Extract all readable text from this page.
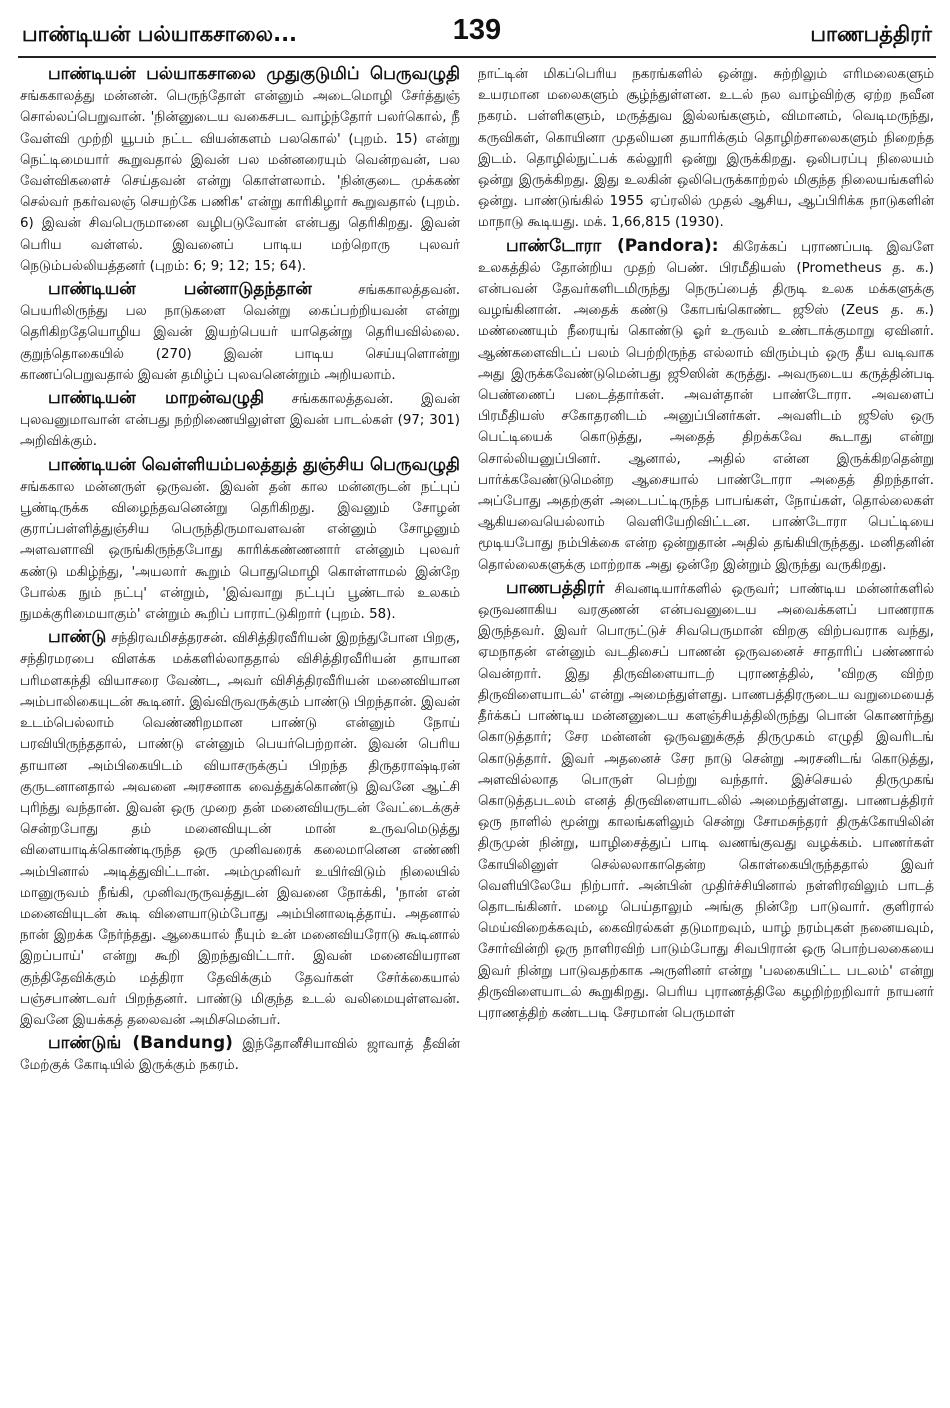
பாண்டியன் பல்யாகசாலை...	139	பாணபத்திரர்

பாண்டியன் பல்யாகசாலை முதுகுடுமிப் பெருவழுதி சங்ககாலத்து மன்னன். பெருந்தோள் என்னும் அடைமொழி சேர்த்துஞ் சொல்லப்பெறுவான். 'நின்னுடைய வகைசபட வாழ்ந்தோர் பலர்கொல், நீ வேள்வி முற்றி யூபம் நட்ட வியன்களம் பலகொல்' (புறம். 15) என்று நெட்டிமையார் கூறுவதால் இவன் பல மன்னரையும் வென்றவன், பல வேள்விகளைச் செய்தவன் என்று கொள்ளலாம். 'நின்குடை முக்கண் செல்வர் நகர்வலஞ் செயற்கே பணிக' என்று காரிகிழார் கூறுவதால் (புறம். 6) இவன் சிவபெருமானை வழிபடுவோன் என்பது தெரிகிறது. இவன் பெரிய வள்ளல். இவனைப் பாடிய மற்றொரு புலவர் நெடும்பல்லியத்தனர் (புறம்: 6; 9; 12; 15; 64).

பாண்டியன் பன்னாடுதந்தான்	சங்ககாலத்தவன். பெயரிலிருந்து பல நாடுகளை வென்று கைப்பற்றியவன் என்று தெரிகிறதேயொழிய இவன் இயற்பெயர் யாதென்று தெரியவில்லை. குறுந்தொகையில் (270) இவன் பாடிய செய்யுளொன்று காணப்பெறுவதால் இவன் தமிழ்ப் புலவனென்றும் அறியலாம்.

பாண்டியன் மாறன்வழுதி சங்ககாலத்தவன். இவன் புலவனுமாவான் என்பது நற்றிணையிலுள்ள இவன் பாடல்கள் (97; 301) அறிவிக்கும்.

பாண்டியன் வெள்ளியம்பலத்துத் துஞ்சிய பெருவழுதி சங்ககால மன்னருள் ஒருவன். இவன் தன் கால மன்னருடன் நட்புப் பூண்டிருக்க விழைந்தவனென்று தெரிகிறது. இவனும் சோழன் குராப்பள்ளித்துஞ்சிய பெருந்திருமாவளவன் என்னும் சோழனும் அளவளாவி ஒருங்கிருந்தபோது காரிக்கண்ணனார் என்னும் புலவர் கண்டு மகிழ்ந்து, 'அயலார் கூறும் பொதுமொழி கொள்ளாமல் இன்றே போல்க நும் நட்பு' என்றும், 'இவ்வாறு நட்புப் பூண்டால் உலகம் நுமக்குரிமையாகும்' என்றும் கூறிப் பாராட்டுகிறார் (புறம். 58).

பாண்டு சந்திரவமிசத்தரசன். விசித்திரவீரியன் இறந்துபோன பிறகு, சந்திரமரபை விளக்க மக்களில்லாததால் விசித்திரவீரியன் தாயான பரிமளகந்தி வியாசரை வேண்ட, அவர் விசித்திரவீரியன் மனைவியான அம்பாலிகையுடன் கூடினர். இவ்விருவருக்கும் பாண்டு பிறந்தான். இவன் உடம்பெல்லாம் வெண்ணிறமான பாண்டு என்னும் நோய் பரவியிருந்ததால், பாண்டு என்னும் பெயர்பெற்றான். இவன் பெரிய தாயான அம்பிகையிடம் வியாசருக்குப் பிறந்த திருதராஷ்டிரன் குருடனானதால் அவனை அரசனாக வைத்துக்கொண்டு இவனே ஆட்சி புரிந்து வந்தான். இவன் ஒரு முறை தன் மனைவியருடன் வேட்டைக்குச் சென்றபோது தம் மனைவியுடன் மான் உருவமெடுத்து விளையாடிக்கொண்டிருந்த ஒரு முனிவரைக் கலைமானென எண்ணி அம்பினால் அடித்துவிட்டான். அம்முனிவர் உயிர்விடும் நிலையில் மானுருவம் நீங்கி, முனிவருருவத்துடன் இவனை நோக்கி, 'நான் என் மனைவியுடன் கூடி விளையாடும்போது அம்பினாலடித்தாய். அதனால் நான் இறக்க நேர்ந்தது. ஆகையால் நீயும் உன் மனைவியரோடு கூடினால் இறப்பாய்' என்று கூறி இறந்துவிட்டார். இவன் மனைவியரான குந்திதேவிக்கும் மத்திரா தேவிக்கும் தேவர்கள் சேர்க்கையால் பஞ்சபாண்டவர் பிறந்தனர். பாண்டு மிகுந்த உடல் வலிமையுள்ளவன். இவனே இயக்கத் தலைவன் அமிசமென்பர்.

பாண்டுங் (Bandung) இந்தோனீசியாவில் ஜாவாத் தீவின் மேற்குக் கோடியில் இருக்கும் நகரம்.

நாட்டின் மிகப்பெரிய நகரங்களில் ஒன்று. சுற்றிலும் எரிமலைகளும் உயரமான மலைகளும் சூழ்ந்துள்ளன. உடல் நல வாழ்விற்கு ஏற்ற நவீன நகரம். பள்ளிகளும், மருத்துவ இல்லங்களும், விமானம், வெடிமருந்து, கருவிகள், கொயினா முதலியன தயாரிக்கும் தொழிற்சாலைகளும் நிறைந்த இடம். தொழில்நுட்பக் கல்லூரி ஒன்று இருக்கிறது. ஒலிபரப்பு நிலையம் ஒன்று இருக்கிறது. இது உலகின் ஒலிபெருக்காற்றல் மிகுந்த நிலையங்களில் ஒன்று. பாண்டுங்கில் 1955 ஏப்ரலில் முதல் ஆசிய, ஆப்பிரிக்க நாடுகளின் மாநாடு கூடியது. மக். 1,66,815 (1930).

பாண்டோரா (Pandora): கிரேக்கப் புராணப்படி இவளே உலகத்தில் தோன்றிய முதற் பெண். பிரமீதியஸ் (Prometheus த. க.) என்பவன் தேவர்களிடமிருந்து நெருப்பைத் திருடி உலக மக்களுக்கு வழங்கினான். அதைக் கண்டு கோபங்கொண்ட ஜூஸ் (Zeus த. க.) மண்ணையும் நீரையுங் கொண்டு ஓர் உருவம் உண்டாக்குமாறு ஏவினர். ஆண்களைவிடப் பலம் பெற்றிருந்த எல்லாம் விரும்பும் ஒரு தீய வடிவாக அது இருக்கவேண்டுமென்பது ஜூஸின் கருத்து. அவருடைய கருத்தின்படி பெண்ணைப் படைத்தார்கள். அவள்தான் பாண்டோரா. அவளைப் பிரமீதியஸ் சகோதரனிடம் அனுப்பினர்கள். அவளிடம் ஜூஸ் ஒரு பெட்டியைக் கொடுத்து, அதைத் திறக்கவே கூடாது என்று சொல்லியனுப்பினர். ஆனால், அதில் என்ன இருக்கிறதென்று பார்க்கவேண்டுமென்ற ஆசையால் பாண்டோரா அதைத் திறந்தாள். அப்போது அதற்குள் அடைபட்டிருந்த பாபங்கள், நோய்கள், தொல்லைகள் ஆகியவையெல்லாம் வெளியேறிவிட்டன. பாண்டோரா பெட்டியை மூடியபோது நம்பிக்கை என்ற ஒன்றுதான் அதில் தங்கியிருந்தது. மனிதனின் தொல்லைகளுக்கு மாற்றாக அது ஒன்றே இன்றும் இருந்து வருகிறது.

பாணபத்திரர் சிவனடியார்களில் ஒருவர்; பாண்டிய மன்னர்களில் ஒருவனாகிய வரகுணன் என்பவனுடைய அவைக்களப் பாணராக இருந்தவர். இவர் பொருட்டுச் சிவபெருமான் விறகு விற்பவராக வந்து, ஏமநாதன் என்னும் வடதிசைப் பாணன் ஒருவனைச் சாதாரிப் பண்ணால் வென்றார். இது திருவிளையாடற் புராணத்தில், 'விறகு விற்ற திருவிளையாடல்' என்று அமைந்துள்ளது. பாணபத்திரருடைய வறுமையைத் தீர்க்கப் பாண்டிய மன்னனுடைய களஞ்சியத்திலிருந்து பொன் கொணர்ந்து கொடுத்தார்; சேர மன்னன் ஒருவனுக்குத் திருமுகம் எழுதி இவரிடங் கொடுத்தார். இவர் அதனைச் சேர நாடு சென்று அரசனிடங் கொடுத்து, அளவில்லாத பொருள் பெற்று வந்தார். இச்செயல் திருமுகங் கொடுத்தபடலம் எனத் திருவிளையாடலில் அமைந்துள்ளது. பாணபத்திரர் ஒரு நாளில் மூன்று காலங்களிலும் சென்று சோமசுந்தரர் திருக்கோயிலின் திருமுன் நின்று, யாழிசைத்துப் பாடி வணங்குவது வழக்கம். பாணர்கள் கோயிலினுள் செல்லலாகாதென்ற கொள்கையிருந்ததால் இவர் வெளியிலேயே நிற்பார். அன்பின் முதிர்ச்சியினால் நள்ளிரவிலும் பாடத் தொடங்கினர். மழை பெய்தாலும் அங்கு நின்றே பாடுவார். குளிரால் மெய்விறைக்கவும், கைவிரல்கள் தடுமாறவும், யாழ் நரம்புகள் நனையவும், சோர்வின்றி ஒரு நாளிரவிற் பாடும்போது சிவபிரான் ஒரு பொற்பலகையை இவர் நின்று பாடுவதற்காக அருளினர் என்று 'பலகையிட்ட படலம்' என்று திருவிளையாடல் கூறுகிறது. பெரிய புராணத்திலே கழறிற்றறிவார் நாயனர் புராணத்திற் கண்டபடி சேரமான் பெருமாள்
